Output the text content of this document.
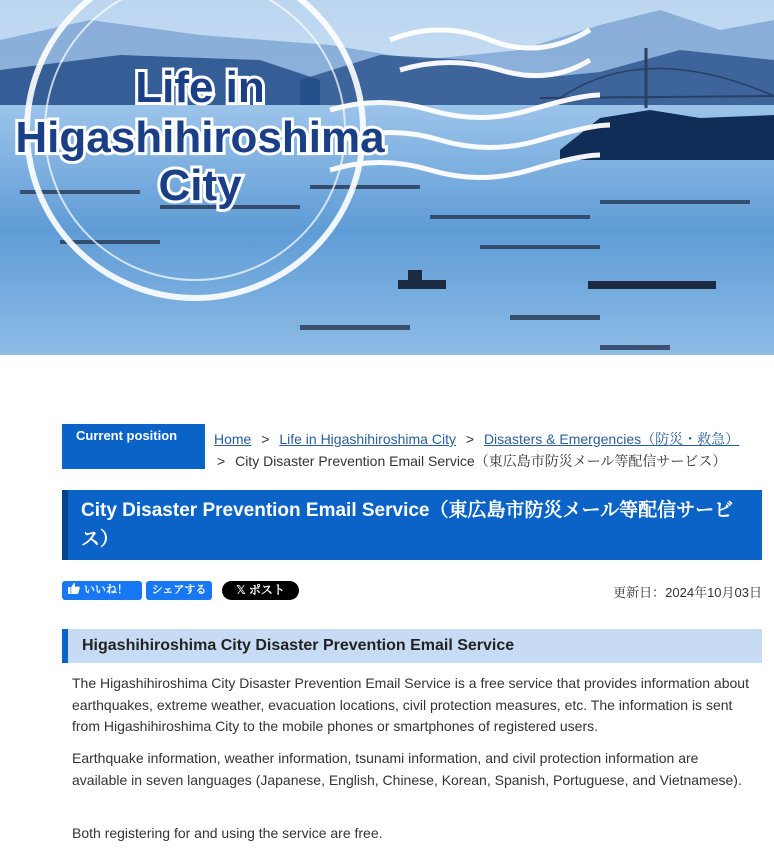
Life in
Higashihiroshima
City
Current position	Home > Life in Higashihiroshima City > Disasters & Emergencies（防災・救急）
> City Disaster Prevention Email Service（東広島市防災メール等配信サービス）
City Disaster Prevention Email Service（東広島市防災メール等配信サービス）
いいね！	シェアする	𝕏 ポスト	更新日：2024年10月03日
Higashihiroshima City Disaster Prevention Email Service

The Higashihiroshima City Disaster Prevention Email Service is a free service that provides information about earthquakes, extreme weather, evacuation locations, civil protection measures, etc. The information is sent from Higashihiroshima City to the mobile phones or smartphones of registered users.

Earthquake information, weather information, tsunami information, and civil protection information are available in seven languages (Japanese, English, Chinese, Korean, Spanish, Portuguese, and Vietnamese).

Both registering for and using the service are free.
